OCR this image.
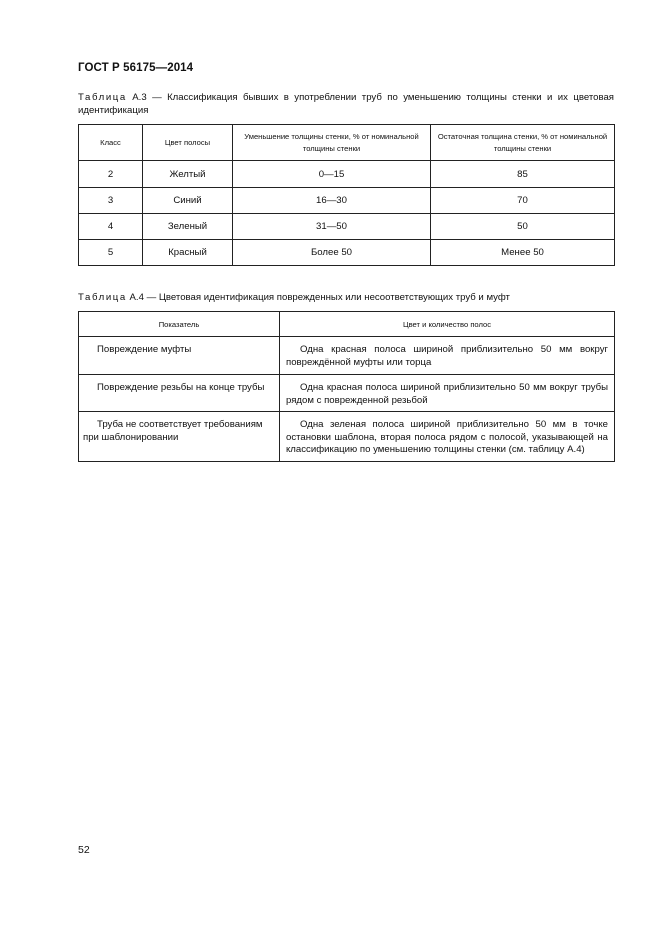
ГОСТ Р 56175—2014
Таблица А.3 — Классификация бывших в употреблении труб по уменьшению толщины стенки и их цветовая идентификация
Класс	Цвет полосы	Уменьшение толщины стенки, % от номинальной толщины стенки	Остаточная толщина стенки, % от номинальной толщины стенки
2	Желтый	0—15	85
3	Синий	16—30	70
4	Зеленый	31—50	50
5	Красный	Более 50	Менее 50
Таблица А.4 — Цветовая идентификация поврежденных или несоответствующих труб и муфт
Показатель	Цвет и количество полос
Повреждение муфты	Одна красная полоса шириной приблизительно 50 мм вокруг повреждённой муфты или торца
Повреждение резьбы на конце трубы	Одна красная полоса шириной приблизительно 50 мм вокруг трубы рядом с поврежденной резьбой
Труба не соответствует требованиям при шаблонировании	Одна зеленая полоса шириной приблизительно 50 мм в точке остановки шаблона, вторая полоса рядом с полосой, указывающей на классификацию по уменьшению толщины стенки (см. таблицу А.4)
52
